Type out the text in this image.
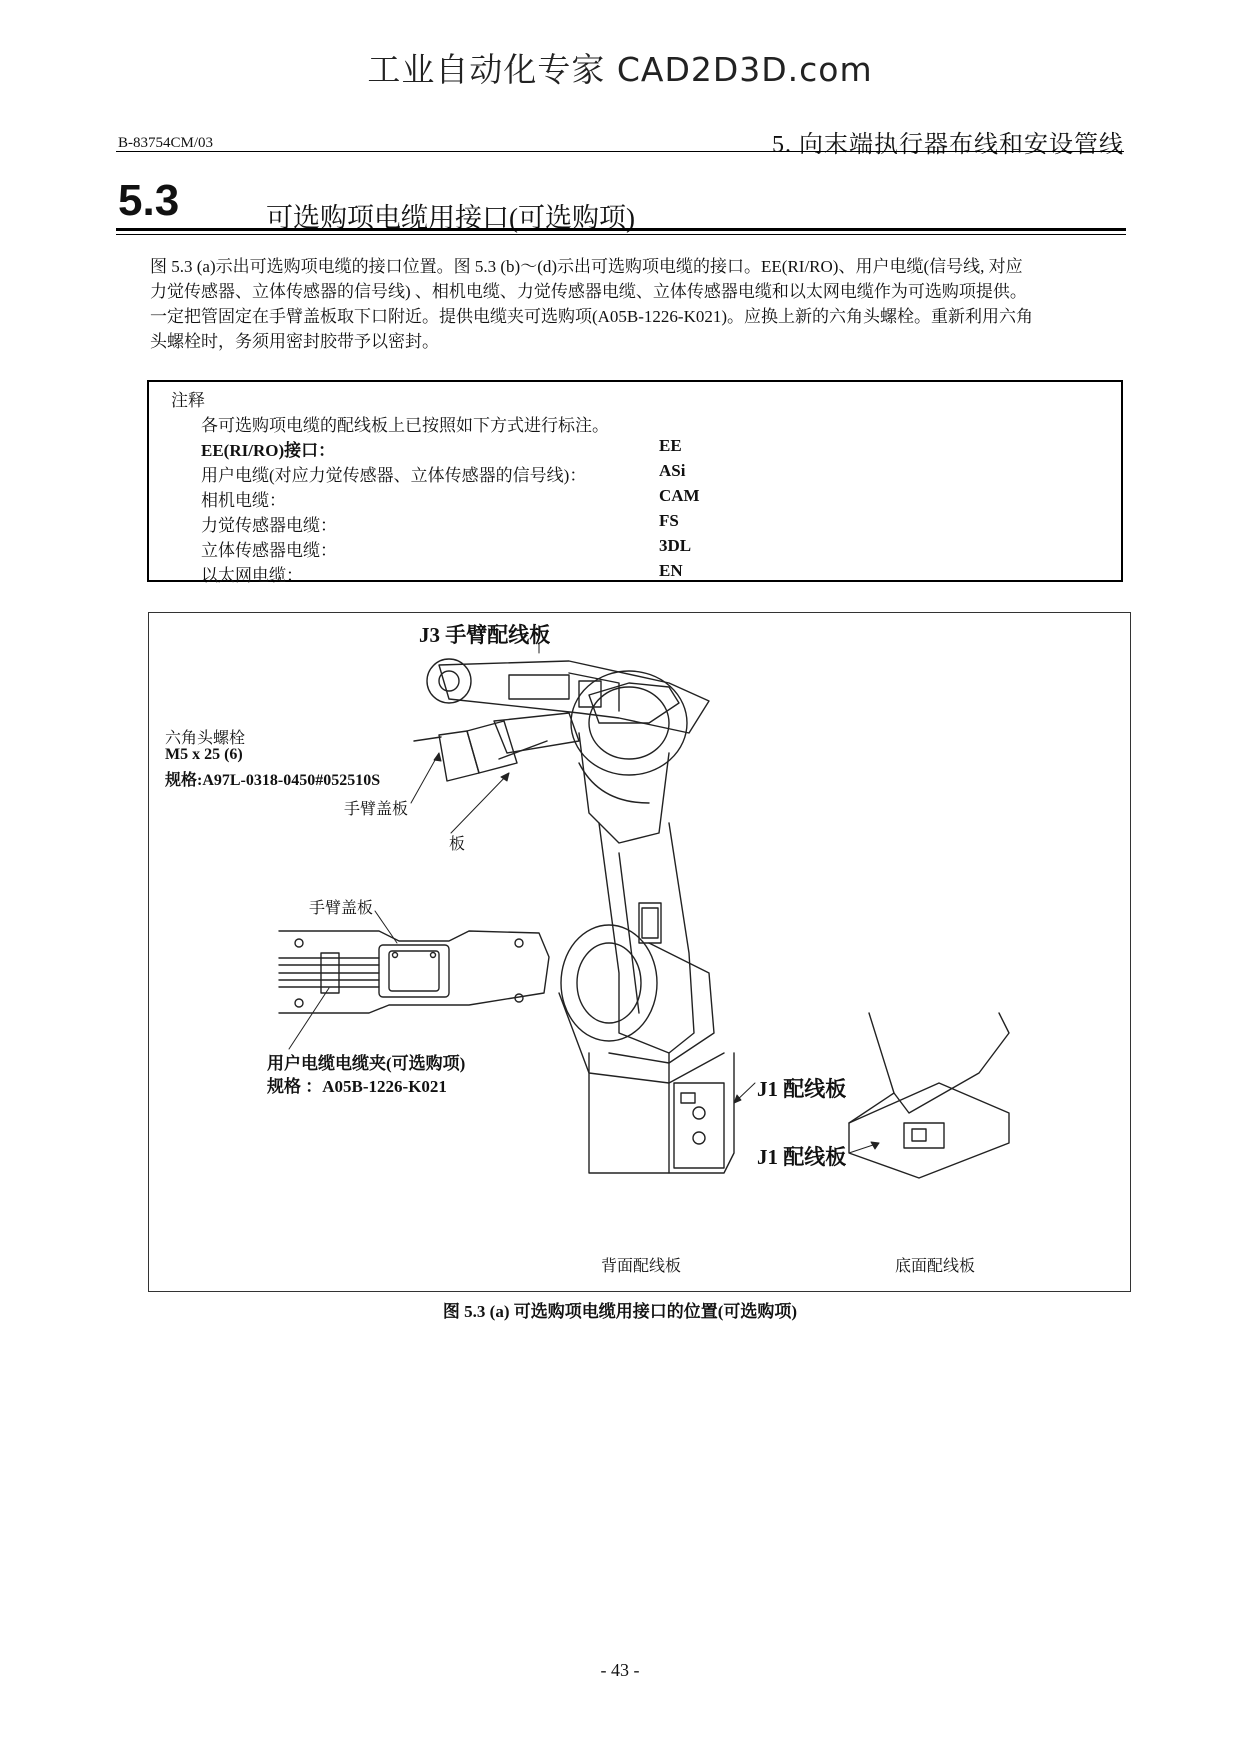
工业自动化专家 CAD2D3D.com
B-83754CM/03	5. 向末端执行器布线和安设管线
5.3	可选购项电缆用接口(可选购项)

图 5.3 (a)示出可选购项电缆的接口位置。图 5.3 (b)～(d)示出可选购项电缆的接口。EE(RI/RO)、用户电缆(信号线, 对应

力觉传感器、立体传感器的信号线) 、相机电缆、力觉传感器电缆、立体传感器电缆和以太网电缆作为可选购项提供。

一定把管固定在手臂盖板取下口附近。提供电缆夹可选购项(A05B-1226-K021)。应换上新的六角头螺栓。重新利用六角

头螺栓时，务须用密封胶带予以密封。

注释
各可选购项电缆的配线板上已按照如下方式进行标注。
EE(RI/RO)接口：	EE
用户电缆(对应力觉传感器、立体传感器的信号线)：	ASi
相机电缆：	CAM
力觉传感器电缆：	FS
立体传感器电缆：	3DL
以太网电缆：	EN
J3 手臂配线板
六角头螺栓
M5 x 25 (6)
规格:A97L-0318-0450#052510S
手臂盖板
板
手臂盖板
用户电缆电缆夹(可选购项)
规格 ：A05B-1226-K021	J1 配线板
J1 配线板
背面配线板	底面配线板
图 5.3 (a) 可选购项电缆用接口的位置(可选购项)
- 43 -
